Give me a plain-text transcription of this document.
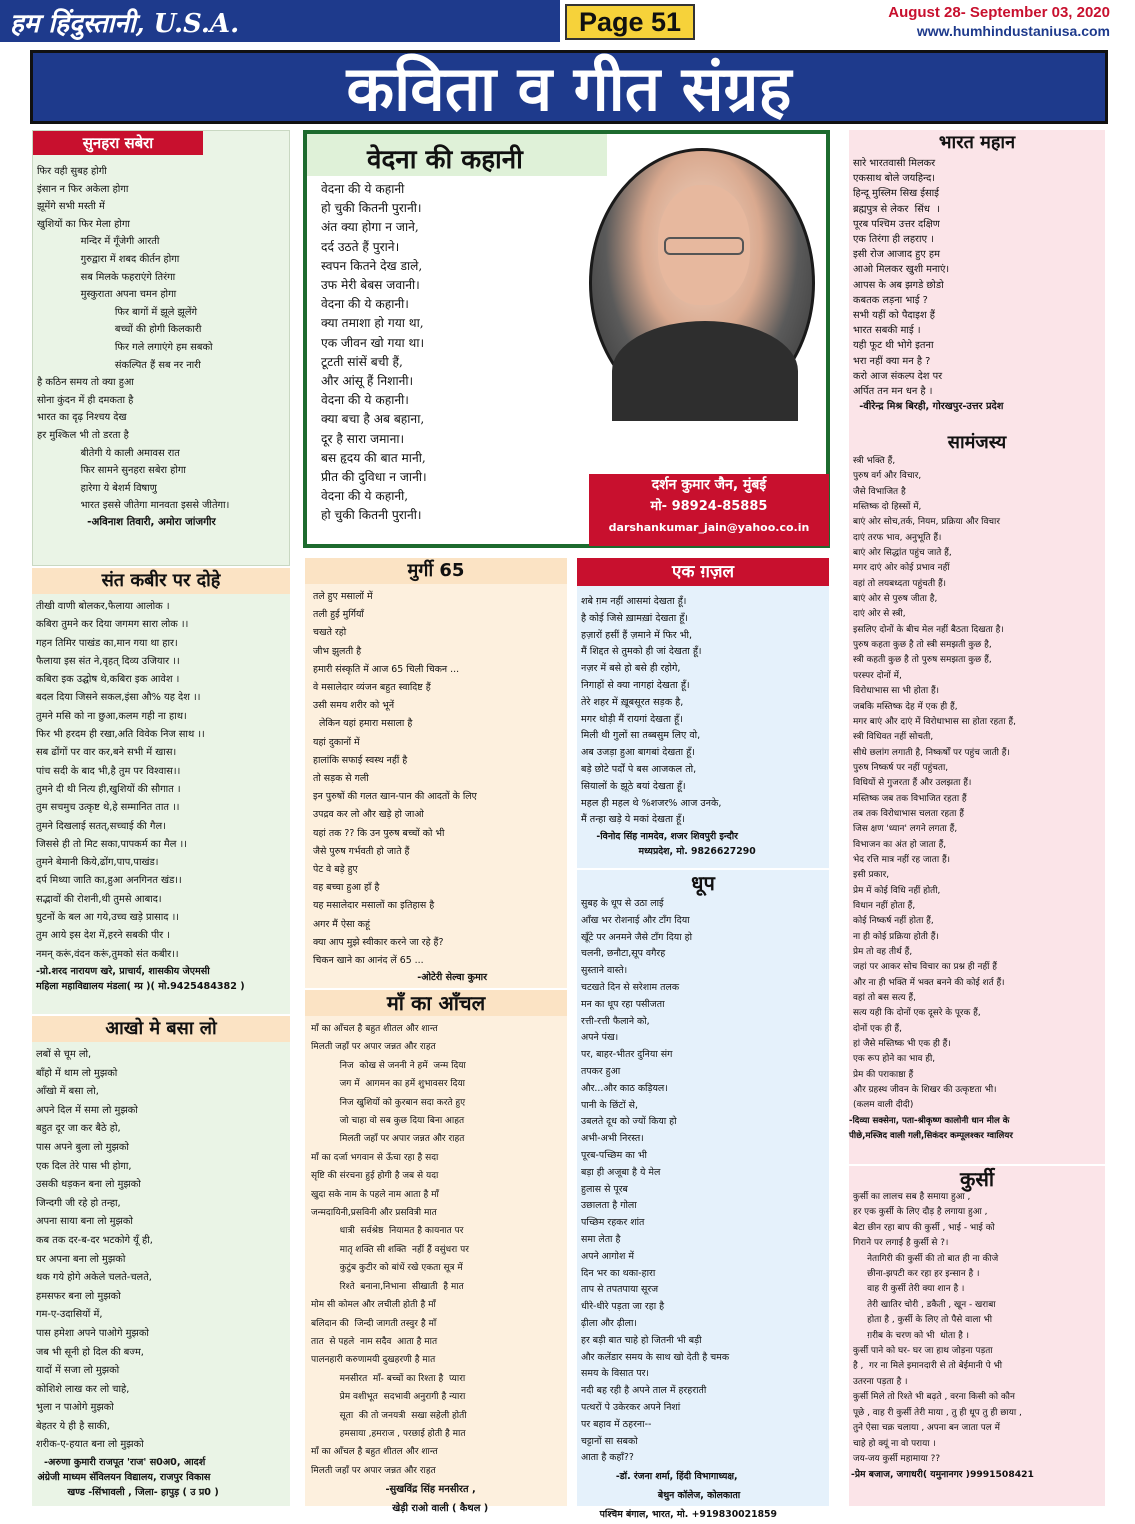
हम हिंदुस्तानी, U.S.A.	Page 51	August 28- September 03, 2020
www.humhindustaniusa.com
कविता व गीत संग्रह
सुनहरा सबेरा
फिर वही सुबह होगी
इंसान न फिर अकेला होगा
झूमेंगे सभी मस्ती में
खुशियों का फिर मेला होगा
मन्दिर में गूँजेगी आरती
गुरुद्वारा में शबद कीर्तन होगा
सब मिलके फहराएंगे तिरंगा
मुस्कुराता अपना चमन होगा
फिर बागों में झूले झूलेंगे
बच्चों की होगी किलकारी
फिर गले लगाएंगे हम सबको
संकल्पित हैं सब नर नारी
है कठिन समय तो क्या हुआ
सोना कुंदन में ही दमकता है
भारत का दृढ़ निश्चय देख
हर मुश्किल भी तो डरता है
बीतेगी ये काली अमावस रात
फिर सामने सुनहरा सबेरा होगा
हारेगा ये बेशर्म विषाणु
भारत इससे जीतेगा मानवता इससे जीतेगा।
-अविनाश तिवारी, अमोरा जांजगीर
संत कबीर पर दोहे
तीखी वाणी बोलकर,फैलाया आलोक ।
कबिरा तुमने कर दिया जगमग सारा लोक ।।
गहन तिमिर पाखंड का,मान गया था हार।
फैलाया इस संत ने,वृहत् दिव्य उजियार ।।
कबिरा इक उद्घोष थे,कबिरा इक आवेश ।
बदल दिया जिसने सकल,इंसा औ% यह देश ।।
तुमने मसि को ना छुआ,कलम गही ना हाथ।
फिर भी हरदम ही रखा,अति विवेक निज साथ ।।
सब ढोंगों पर वार कर,बने सभी में खास।
पांच सदी के बाद भी,है तुम पर विश्वास।।
तुमने दी थी नित्य ही,खुशियों की सौगात ।
तुम सचमुच उत्कृष्ट थे,हे सम्मानित तात ।।
तुमने दिखलाई सतत्,सच्चाई की गैल।
जिससे ही तो मिट सका,पापकर्म का मैल ।।
तुमने बेमानी किये,ढोंग,पाप,पाखंड।
दर्प मिथ्या जाति का,हुआ अनगिनत खंड।।
सद्भावों की रोशनी,थी तुमसे आबाद।
घुटनों के बल आ गये,उच्च खड़े प्रासाद ।।
तुम आये इस देश में,हरने सबकी पीर ।
नमन् करूं,वंदन करूं,तुमको संत कबीर।।
-प्रो.शरद नारायण खरे, प्राचार्य, शासकीय जेएमसी
महिला महाविद्यालय मंडला( म्प्र )( मो.9425484382 )
आखो मे बसा लो
लबों से चूम लो,
बाँहो में थाम लो मुझको
आँखो में बसा लो,
अपने दिल में समा लो मुझको
बहुत दूर जा कर बैठे हो,
पास अपने बुला लो मुझको
एक दिल तेरे पास भी होगा,
उसकी धड़कन बना लो मुझको
जिन्दगी जी रहे हो तन्हा,
अपना साया बना लो मुझको
कब तक दर-ब-दर भटकोगे यूँ ही,
घर अपना बना लो मुझको
थक गये होगे अकेले चलते-चलते,
हमसफर बना लो मुझको
गम-ए-उदासियों में,
पास हमेशा अपने पाओगे मुझको
जब भी सूनी हो दिल की बज्म,
यादों में सजा लो मुझको
कोशिशे लाख कर लो चाहे,
भुला न पाओगे मुझको
बेहतर ये ही है साकी,
शरीक-ए-हयात बना लो मुझको
-अरुणा कुमारी राजपूत 'राज' स0अ0, आदर्श
अंग्रेजी माध्यम सॅविलयन विद्यालय, राजपुर विकास
खण्ड -सिंभावली , जिला- हापुड़ ( उ प्र0 )
वेदना की कहानी
वेदना की ये कहानी
हो चुकी कितनी पुरानी।
अंत क्या होगा न जाने,
दर्द उठते हैं पुराने।
स्वपन कितने देख डाले,
उफ मेरी बेबस जवानी।
वेदना की ये कहानी।
क्या तमाशा हो गया था,
एक जीवन खो गया था।
टूटती सांसें बची हैं,
और आंसू हैं निशानी।
वेदना की ये कहानी।
क्या बचा है अब बहाना,
दूर है सारा जमाना।
बस हृदय की बात मानी,
प्रीत की दुविधा न जानी।
वेदना की ये कहानी,
हो चुकी कितनी पुरानी।
दर्शन कुमार जैन, मुंबई
मो- 98924-85885
darshankumar_jain@yahoo.co.in
मुर्गी 65
तले हुए मसालों में
तली हुई मुर्गियाँ
चखते रहो
जीभ झुलती है
हमारी संस्कृति में आज 65 चिली चिकन ...
वे मसालेदार व्यंजन बहुत स्वादिष्ट हैं
उसी समय शरीर को भूनें
लेकिन यहां हमारा मसाला है
यहां दुकानों में
हालांकि सफाई स्वस्थ नहीं है
तो सड़क से गली
इन पुरुषों की गलत खान-पान की आदतों के लिए
उपद्रव कर लो और खड़े हो जाओ
यहां तक ?? कि उन पुरुष बच्चों को भी
जैसे पुरुष गर्भवती हो जाते हैं
पेट वे बड़े हुए
वह बच्चा हुआ हाँ है
यह मसालेदार मसालों का इतिहास है
अगर मैं ऐसा कहूं
क्या आप मुझे स्वीकार करने जा रहे हैं?
चिकन खाने का आनंद लें 65 ...
-ओटेरी सेल्वा कुमार
माँ का आँचल
माँ का आँचल है बहुत शीतल और शान्त
मिलती जहाँ पर अपार जन्नत और राहत
निज  कोख से जननी ने हमें  जन्म दिया
जग में  आगमन का हमें शुभावसर दिया
निज खुशियों को कुरबान सदा करते हुए
जो चाहा वो सब कुछ दिया बिना आहत
मिलती जहाँ पर अपार जन्नत और राहत
माँ का दर्जा भगवान से ऊँचा रहा है सदा
सृष्टि की संरचना हुई होगी है जब से यदा
खुदा सके नाम के पहले नाम आता है माँ
जन्मदायिनी,प्रसविनी और प्रसवित्री मात
धात्री  सर्वश्रेष्ठ  नियामत है कायनात पर
मातृ शक्ति सी शक्ति  नहीं हैं वसुंधरा पर
कुटुंब कुटीर को बांधें रखे एकता सूत्र में
रिश्ते  बनाना,निभाना  सीखाती  है मात
मोम सी कोमल और लचीली होती है माँ
बलिदान की  जिन्दी जागती तस्वुर है माँ
तात  से पहले  नाम सदैव  आता है मात
पालनहारी करुणामयी दुखहरणी है मात
मनसीरत  माँ- बच्चों का रिश्ता है  प्यारा
प्रेम वशीभूत  सदभावी अनुरागी है न्यारा
सूता  की तो जनयत्री  सखा सहेली होती
हमसाया ,हमराज , परछाई होती है मात
माँ का आँचल है बहुत शीतल और शान्त
मिलती जहाँ पर अपार जन्नत और राहत
-सुखविंद्र सिंह मनसीरत ,
खेड़ी राओ वाली ( कैथल )
एक ग़ज़ल
शबे ग़म नहीं आसमां देखता हूँ।
है कोई जिसे ख़ामख़ां देखता हूँ।
हज़ारों हसीं हैं ज़माने में फिर भी,
मैं शिद्दत से तुमको ही जां देखता हूँ।
नज़र में बसे हो बसे ही रहोगे,
निगाहों से क्या नागहां देखता हूँ।
तेरे शहर में ख़ूबसूरत सड़क है,
मगर थोड़ी मैं रायगां देखता हूँ।
मिली थी गुलों सा तब्बसुम लिए वो,
अब उजड़ा हुआ बागबां देखता हूँ।
बड़े छोटे पर्दों पे बस आजकल तो,
सियालों के झूठे बयां देखता हूँ।
महल ही महल थे %शजर% आज उनके,
मैं तन्हा खड़े ये मकां देखता हूँ।
-विनोद सिंह नामदेव, शजर शिवपुरी इन्दौर
मध्यप्रदेश, मो. 9826627290
धूप
सुबह के धूप से उठा लाई
आँख भर रोशनाई और टाँग दिया
खूँटे पर अनमने जैसे टाँग दिया हो
चलनी, छनौटा,सूप वगैरह
सुस्ताने वास्ते।
चटखते दिन से सरेशाम तलक
मन का धूप रहा पसीजता
रत्ती-रत्ती फैलाने को,
अपने पंख।
पर, बाहर-भीतर दुनिया संग
तपकर हुआ
और...और काठ कड़ियल।
पानी के छिंटों से,
उबलते दूध को ज्यों किया हो
अभी-अभी निरस्त।
पूरब-पच्छिम का भी
बड़ा ही अजूबा है ये मेल
हुलास से पूरब
उछालता है गोला
पच्छिम रहकर शांत
समा लेता है
अपने आगोश में
दिन भर का थका-हारा
ताप से तपतपाया सूरज
धीरे-धीरे पड़ता जा रहा है
ढ़ीला और ढ़ीला।
हर बड़ी बात चाहे हो जितनी भी बड़ी
और कलेंडार समय के साथ खो देती है चमक
समय के विसात पर।
नदी बह रही है अपने ताल में हरहराती
पत्थरों पे उकेरकर अपने निशां
पर बहाव में ठहरना--
चट्टानों सा सबको
आता है कहाँ??
-डॉ. रंजना शर्मा, हिंदी विभागाध्यक्ष,
बेथुन कॉलेज, कोलकाता
पश्चिम बंगाल, भारत, मो. +919830021859
भारत महान
सारे भारतवासी मिलकर
एकसाथ बोले जयहिन्द।
हिन्दू मुस्लिम सिख ईसाई
ब्रह्मपुत्र से लेकर  सिंध  ।
पूरब पश्चिम उत्तर दक्षिण
एक तिरंगा ही लहराए ।
इसी रोज आजाद हुए हम
आओ मिलकर खुशी मनाएं।
आपस के अब झगडे छोडो
कबतक लड़ना भाई ?
सभी यहीं को पैदाइश हैं
भारत सबकी माई ।
यही फूट थी भोगे इतना
भरा नहीं क्या मन है ?
करो आज संकल्प देश पर
अर्पित तन मन धन है ।
-वीरेन्द्र मिश्र बिरही, गोरखपुर-उत्तर प्रदेश
सामंजस्य
स्त्री भक्ति हैं,
पुरुष वर्ग और विचार,
जैसे विभाजित है
मस्तिष्क दो हिस्सों में,
बाएं ओर सोच,तर्क, नियम, प्रक्रिया और विचार
दाएं तरफ भाव, अनुभूति हैं।
बाएं ओर सिद्धांत पहुंच जाते हैं,
मगर दाएं ओर कोई प्रभाव नहीं
वहां तो लयबध्दता पहुंचती हैं।
बाएं ओर से पुरुष जीता है,
दाएं ओर से स्त्री,
इसलिए दोनों के बीच मेल नहीं बैठता दिखता है।
पुरुष कहता कुछ है तो स्त्री समझती कुछ है,
स्त्री कहती कुछ है तो पुरुष समझता कुछ हैं,
परस्पर दोनों में,
विरोधाभास सा भी होता हैं।
जबकि मस्तिष्क देह में एक ही हैं,
मगर बाएं और दाएं में विरोधाभास सा होता रहता हैं,
स्त्री विधिवत नहीं सोचती,
सीधे छलांग लगाती है, निष्कर्षों पर पहुंच जाती हैं।
पुरुष निष्कर्ष पर नहीं पहुंचता,
विधियों से गुजरता हैं और उलझता हैं।
मस्तिष्क जब तक विभाजित रहता हैं
तब तक विरोधाभास चलता रहता हैं
जिस क्षण 'ध्यान' लगने लगता हैं,
विभाजन का अंत हो जाता हैं,
भेद रत्ति मात्र नहीं रह जाता हैं।
इसी प्रकार,
प्रेम में कोई विधि नहीं होती,
विधान नहीं होता हैं,
कोई निष्कर्ष नहीं होता हैं,
ना ही कोई प्रक्रिया होती हैं।
प्रेम तो वह तीर्थ हैं,
जहां पर आकर सोच विचार का प्रश्न ही नहीं हैं
और ना ही भक्ति में भक्त बनने की कोई शर्त हैं।
वहां तो बस सत्य हैं,
सत्य यही कि दोनों एक दूसरे के पूरक हैं,
दोनों एक ही हैं,
हां जैसे मस्तिष्क भी एक ही हैं।
एक रूप होने का भाव ही,
प्रेम की पराकाष्ठा हैं
और ग्रहस्थ जीवन के शिखर की उत्कृष्टता भी।
(कलम वाली दीदी)
-दिव्या सक्सेना, पता-श्रीकृष्ण कालोनी धान मील के
पीछे,मस्जिद वाली गली,सिकंदर कम्पूलश्कर ग्वालियर
कुर्सी
कुर्सी का लालच सब है समाया हुआ ,
हर एक कुर्सी के लिए दौड़ है लगाया हुआ ,
बेटा छीन रहा बाप की कुर्सी , भाई - भाई को
गिराने पर लगाई है कुर्सी से ?।
नेतागिरी की कुर्सी की तो बात ही ना कीजे
छीना-झपटी कर रहा हर इन्सान है ।
वाह री कुर्सी तेरी क्या शान है ।
तेरी खातिर चोरी , डकैती , खून - खराबा
होता है , कुर्सी के लिए तो पैसे वाला भी
ग़रीब के चरण को भी  धोता है ।
कुर्सी पाने को घर- घर जा हाथ जोड़ना पड़ता
है ,  गर ना मिले इमानदारी से तो बेईमानी पे भी
उतरना पड़ता है ।
कुर्सी मिले तो रिश्ते भी बढ़ते , वरना किसी को कौन
पूछे , वाह री कुर्सी तेरी माया , तु ही धूप तु ही छाया ,
तुने ऐसा चक्र चलाया , अपना बन जाता पल में
चाहे हो क्यूं ना वो पराया ।
जय-जय कुर्सी महामाया ??
-प्रेम बजाज, जगाधरी( यमुनानगर )9991508421
